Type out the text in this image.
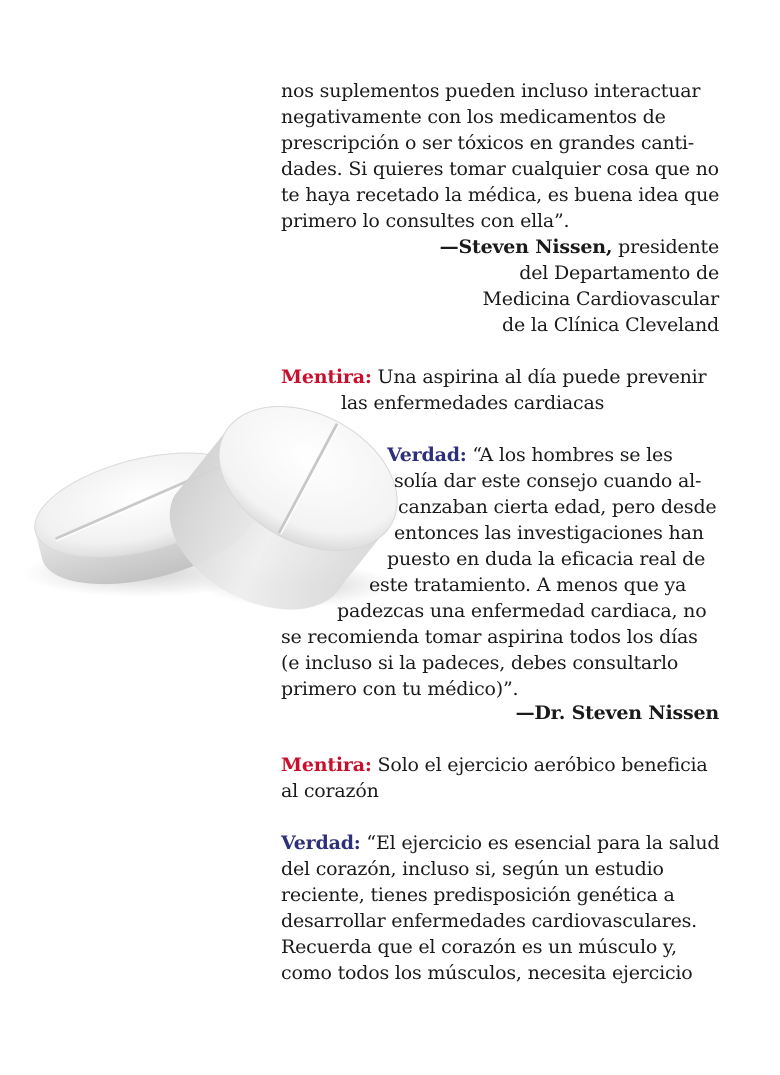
nos suplementos pueden incluso interactuar
negativamente con los medicamentos de
prescripción o ser tóxicos en grandes canti-
dades. Si quieres tomar cualquier cosa que no
te haya recetado la médica, es buena idea que
primero lo consultes con ella”.
—Steven Nissen, presidente
del Departamento de
Medicina Cardiovascular
de la Clínica Cleveland
Mentira: Una aspirina al día puede prevenir
las enfermedades cardiacas
Verdad: “A los hombres se les
solía dar este consejo cuando al-
canzaban cierta edad, pero desde
entonces las investigaciones han
puesto en duda la eficacia real de
este tratamiento. A menos que ya
padezcas una enfermedad cardiaca, no
se recomienda tomar aspirina todos los días
(e incluso si la padeces, debes consultarlo
primero con tu médico)”.
—Dr. Steven Nissen
Mentira: Solo el ejercicio aeróbico beneficia
al corazón
Verdad: “El ejercicio es esencial para la salud
del corazón, incluso si, según un estudio
reciente, tienes predisposición genética a
desarrollar enfermedades cardiovasculares.
Recuerda que el corazón es un músculo y,
como todos los músculos, necesita ejercicio
